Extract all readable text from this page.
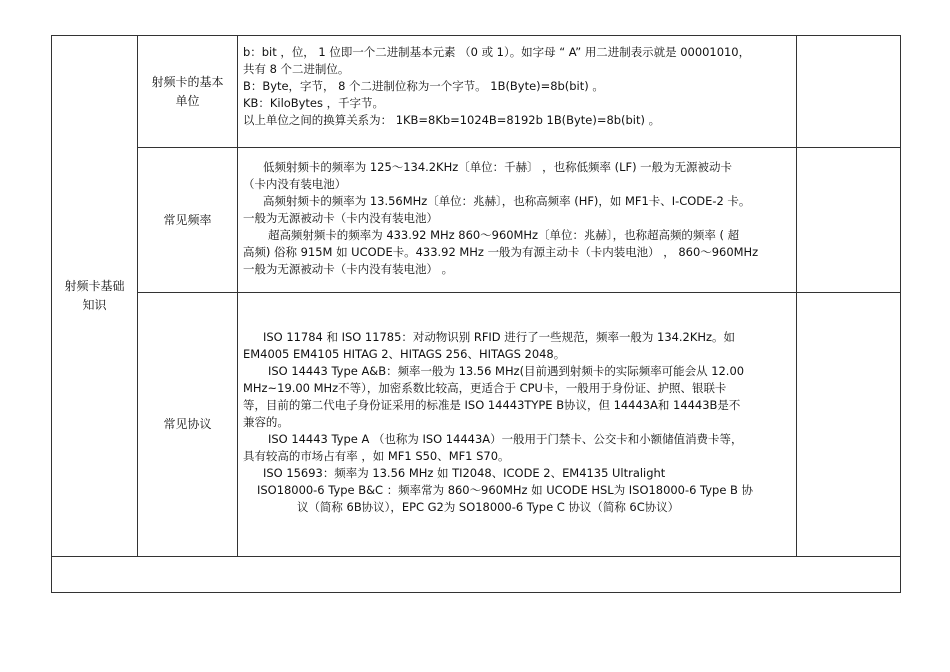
射频卡基础
知识
射频卡的基本
单位
b：bit ，位， 1 位即一个二进制基本元素 （0 或 1）。如字母 “ A” 用二进制表示就是 00001010，
共有 8 个二进制位。
B：Byte，字节， 8 个二进制位称为一个字节。 1B(Byte)=8b(bit) 。
KB：KiloBytes ，千字节。
以上单位之间的换算关系为： 1KB=8Kb=1024B=8192b 1B(Byte)=8b(bit) 。
常见频率
低频射频卡的频率为 125～134.2KHz〔单位：千赫〕 ，也称低频率 (LF) 一般为无源被动卡
（卡内没有装电池）
高频射频卡的频率为 13.56MHz〔单位：兆赫〕，也称高频率 (HF)，如 MF1卡、I-CODE-2 卡。
一般为无源被动卡（卡内没有装电池）
超高频射频卡的频率为 433.92 MHz 860～960MHz〔单位：兆赫〕，也称超高频的频率 ( 超
高频) 俗称 915M 如 UCODE卡。433.92 MHz 一般为有源主动卡（卡内装电池） ， 860～960MHz
一般为无源被动卡（卡内没有装电池） 。
常见协议
ISO 11784 和 ISO 11785：对动物识别 RFID 进行了一些规范，频率一般为 134.2KHz。如
EM4005 EM4105 HITAG 2、HITAGS 256、HITAGS 2048。
ISO 14443 Type A&B：频率一般为 13.56 MHz(目前遇到射频卡的实际频率可能会从 12.00
MHz~19.00 MHz不等），加密系数比较高，更适合于 CPU卡，一般用于身份证、护照、银联卡
等，目前的第二代电子身份证采用的标准是 ISO 14443TYPE B协议，但 14443A和 14443B是不
兼容的。
ISO 14443 Type A （也称为 ISO 14443A）一般用于门禁卡、公交卡和小额储值消费卡等，
具有较高的市场占有率 ，如 MF1 S50、MF1 S70。
ISO 15693：频率为 13.56 MHz 如 TI2048、ICODE 2、EM4135 Ultralight
ISO18000-6 Type B&C ：频率常为 860～960MHz 如 UCODE HSL为 ISO18000-6 Type B 协
议（简称 6B协议），EPC G2为 SO18000-6 Type C 协议（简称 6C协议）
